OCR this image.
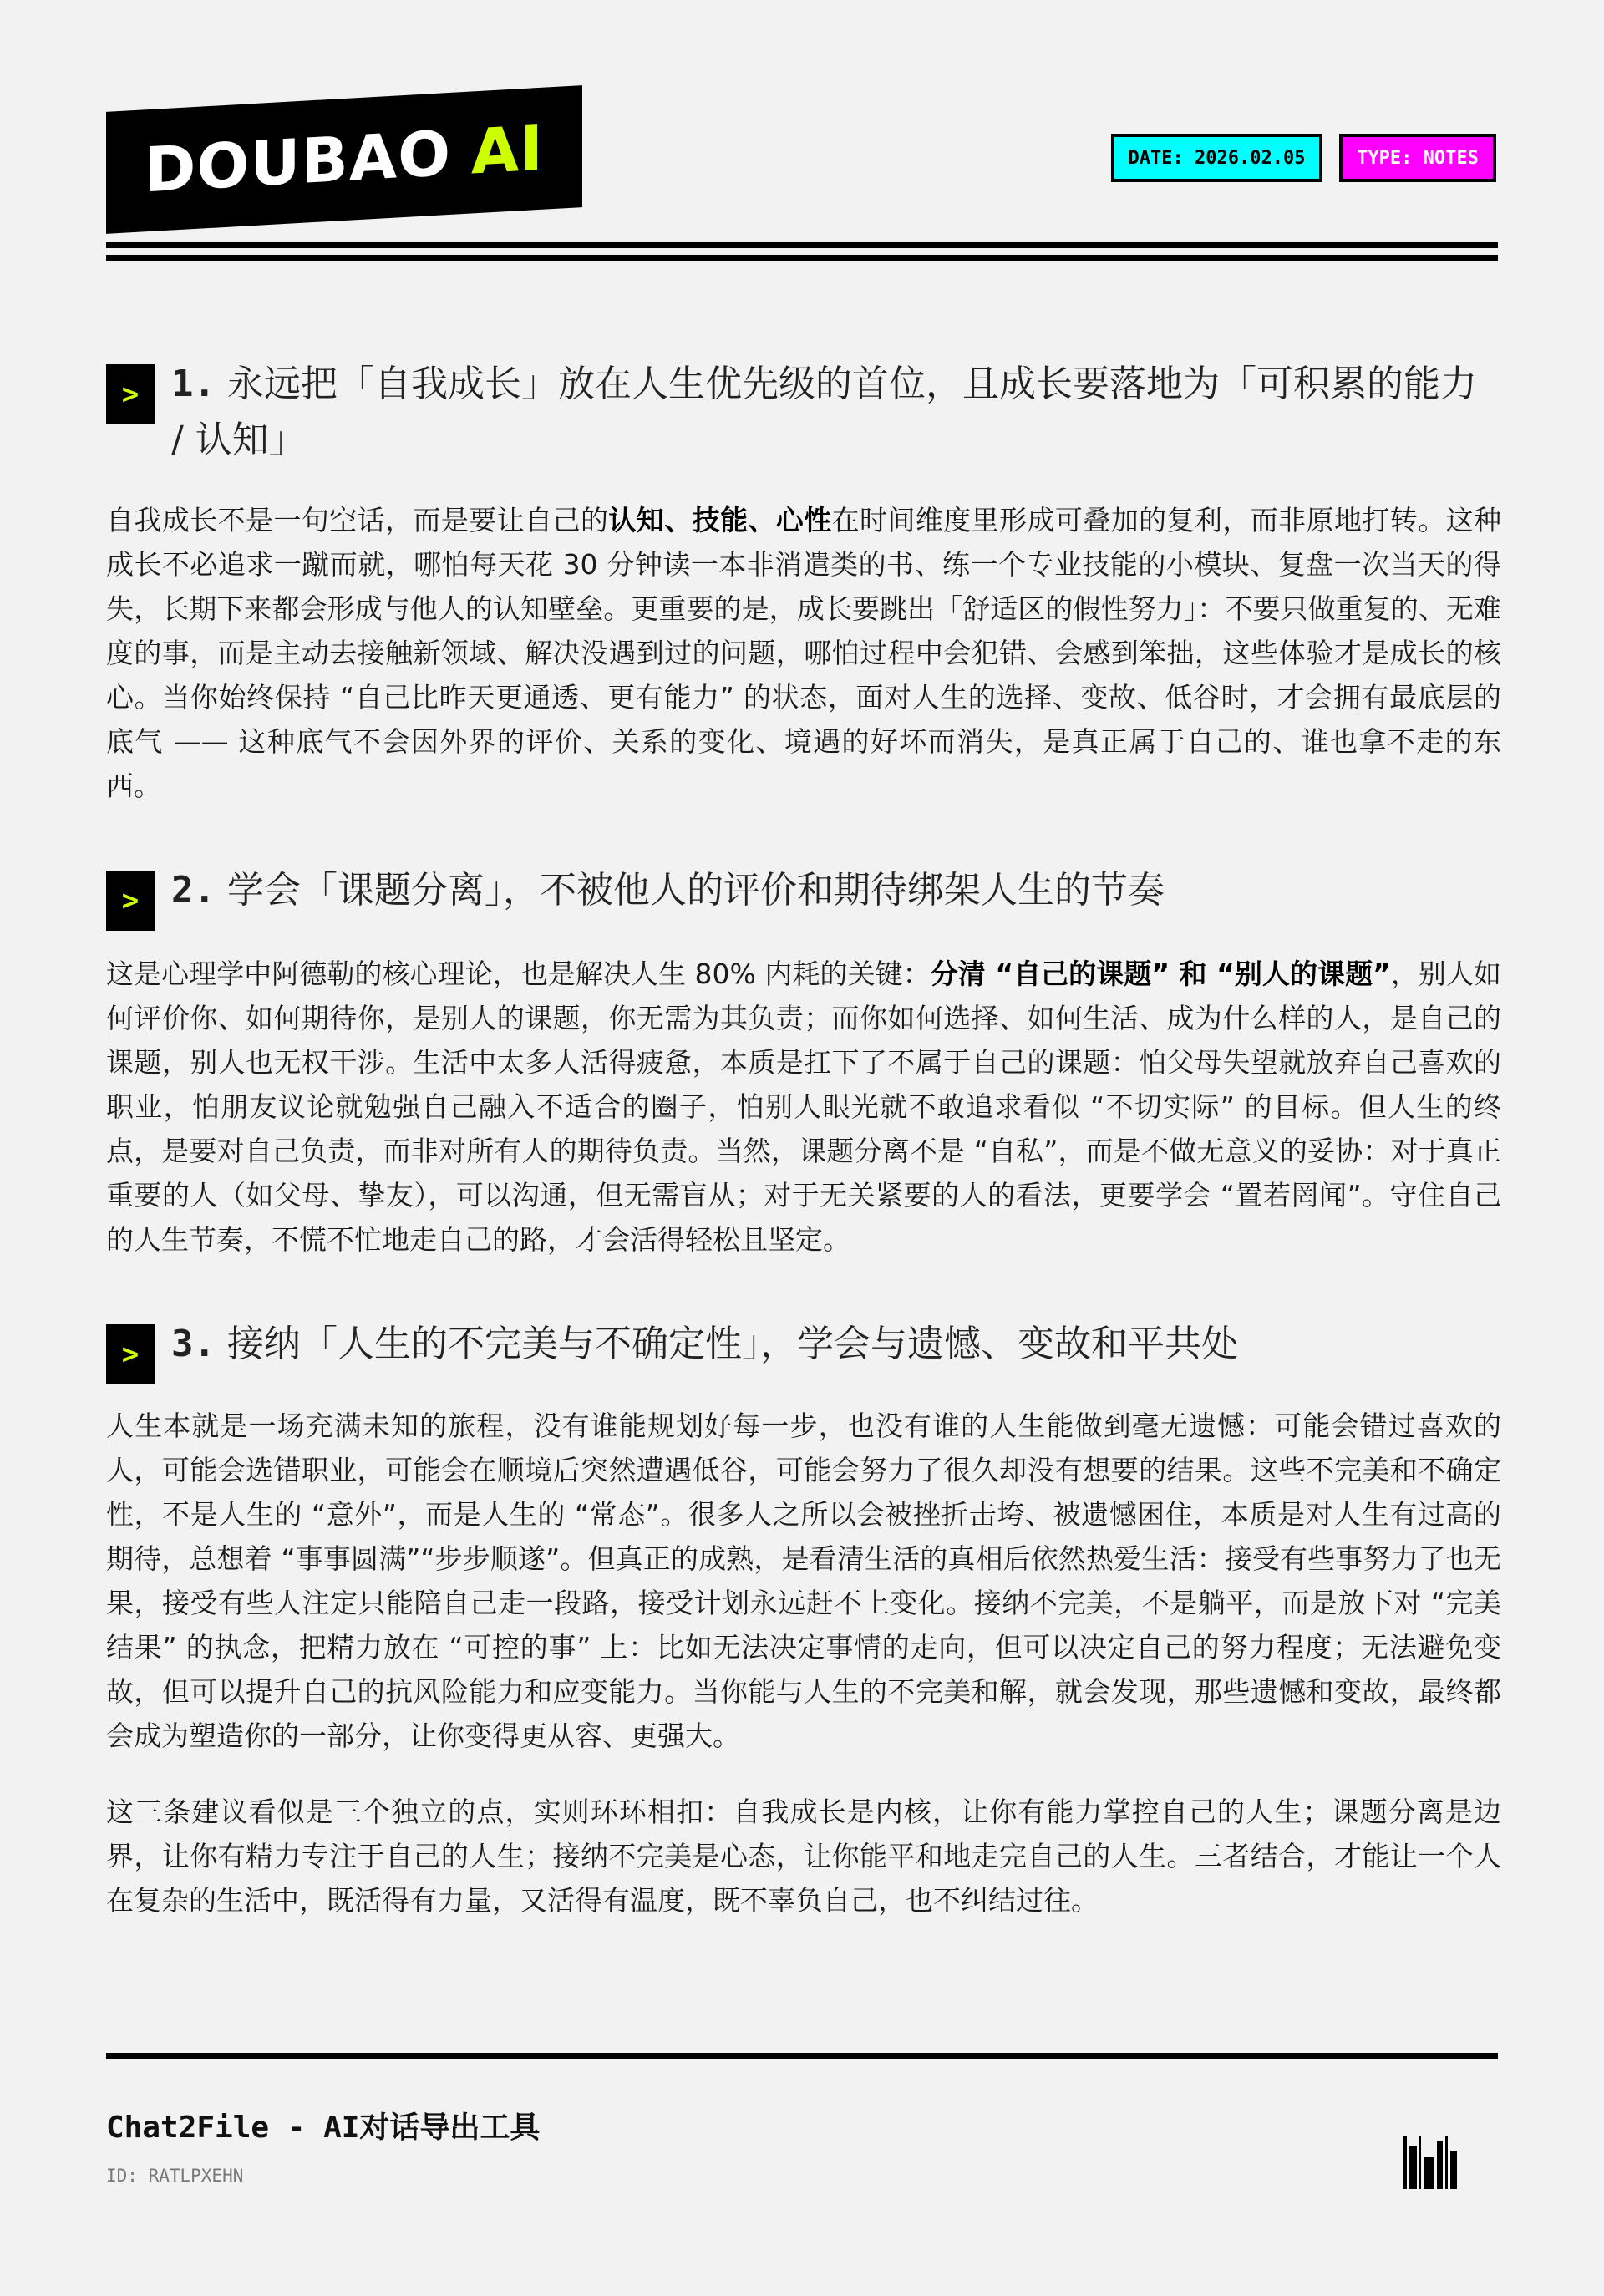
DOUBAO AI	DATE: 2026.02.05	TYPE: NOTES
> 1. 永远把「自我成长」放在人生优先级的首位，且成长要落地为「可积累的能力 / 认知」
自我成长不是一句空话，而是要让自己的认知、技能、心性在时间维度里形成可叠加的复利，而非原地打转。这种成长不必追求一蹴而就，哪怕每天花 30 分钟读一本非消遣类的书、练一个专业技能的小模块、复盘一次当天的得失，长期下来都会形成与他人的认知壁垒。更重要的是，成长要跳出「舒适区的假性努力」：不要只做重复的、无难度的事，而是主动去接触新领域、解决没遇到过的问题，哪怕过程中会犯错、会感到笨拙，这些体验才是成长的核心。当你始终保持 “自己比昨天更通透、更有能力” 的状态，面对人生的选择、变故、低谷时，才会拥有最底层的底气 —— 这种底气不会因外界的评价、关系的变化、境遇的好坏而消失，是真正属于自己的、谁也拿不走的东西。
> 2. 学会「课题分离」，不被他人的评价和期待绑架人生的节奏
这是心理学中阿德勒的核心理论，也是解决人生 80% 内耗的关键：分清 “自己的课题” 和 “别人的课题”，别人如何评价你、如何期待你，是别人的课题，你无需为其负责；而你如何选择、如何生活、成为什么样的人，是自己的课题，别人也无权干涉。生活中太多人活得疲惫，本质是扛下了不属于自己的课题：怕父母失望就放弃自己喜欢的职业，怕朋友议论就勉强自己融入不适合的圈子，怕别人眼光就不敢追求看似 “不切实际” 的目标。但人生的终点，是要对自己负责，而非对所有人的期待负责。当然，课题分离不是 “自私”，而是不做无意义的妥协：对于真正重要的人（如父母、挚友），可以沟通，但无需盲从；对于无关紧要的人的看法，更要学会 “置若罔闻”。守住自己的人生节奏，不慌不忙地走自己的路，才会活得轻松且坚定。
> 3. 接纳「人生的不完美与不确定性」，学会与遗憾、变故和平共处
人生本就是一场充满未知的旅程，没有谁能规划好每一步，也没有谁的人生能做到毫无遗憾：可能会错过喜欢的人，可能会选错职业，可能会在顺境后突然遭遇低谷，可能会努力了很久却没有想要的结果。这些不完美和不确定性，不是人生的 “意外”，而是人生的 “常态”。很多人之所以会被挫折击垮、被遗憾困住，本质是对人生有过高的期待，总想着 “事事圆满”“步步顺遂”。但真正的成熟，是看清生活的真相后依然热爱生活：接受有些事努力了也无果，接受有些人注定只能陪自己走一段路，接受计划永远赶不上变化。接纳不完美，不是躺平，而是放下对 “完美结果” 的执念，把精力放在 “可控的事” 上：比如无法决定事情的走向，但可以决定自己的努力程度；无法避免变故，但可以提升自己的抗风险能力和应变能力。当你能与人生的不完美和解，就会发现，那些遗憾和变故，最终都会成为塑造你的一部分，让你变得更从容、更强大。
这三条建议看似是三个独立的点，实则环环相扣：自我成长是内核，让你有能力掌控自己的人生；课题分离是边界，让你有精力专注于自己的人生；接纳不完美是心态，让你能平和地走完自己的人生。三者结合，才能让一个人在复杂的生活中，既活得有力量，又活得有温度，既不辜负自己，也不纠结过往。
Chat2File - AI对话导出工具
ID: RATLPXEHN
